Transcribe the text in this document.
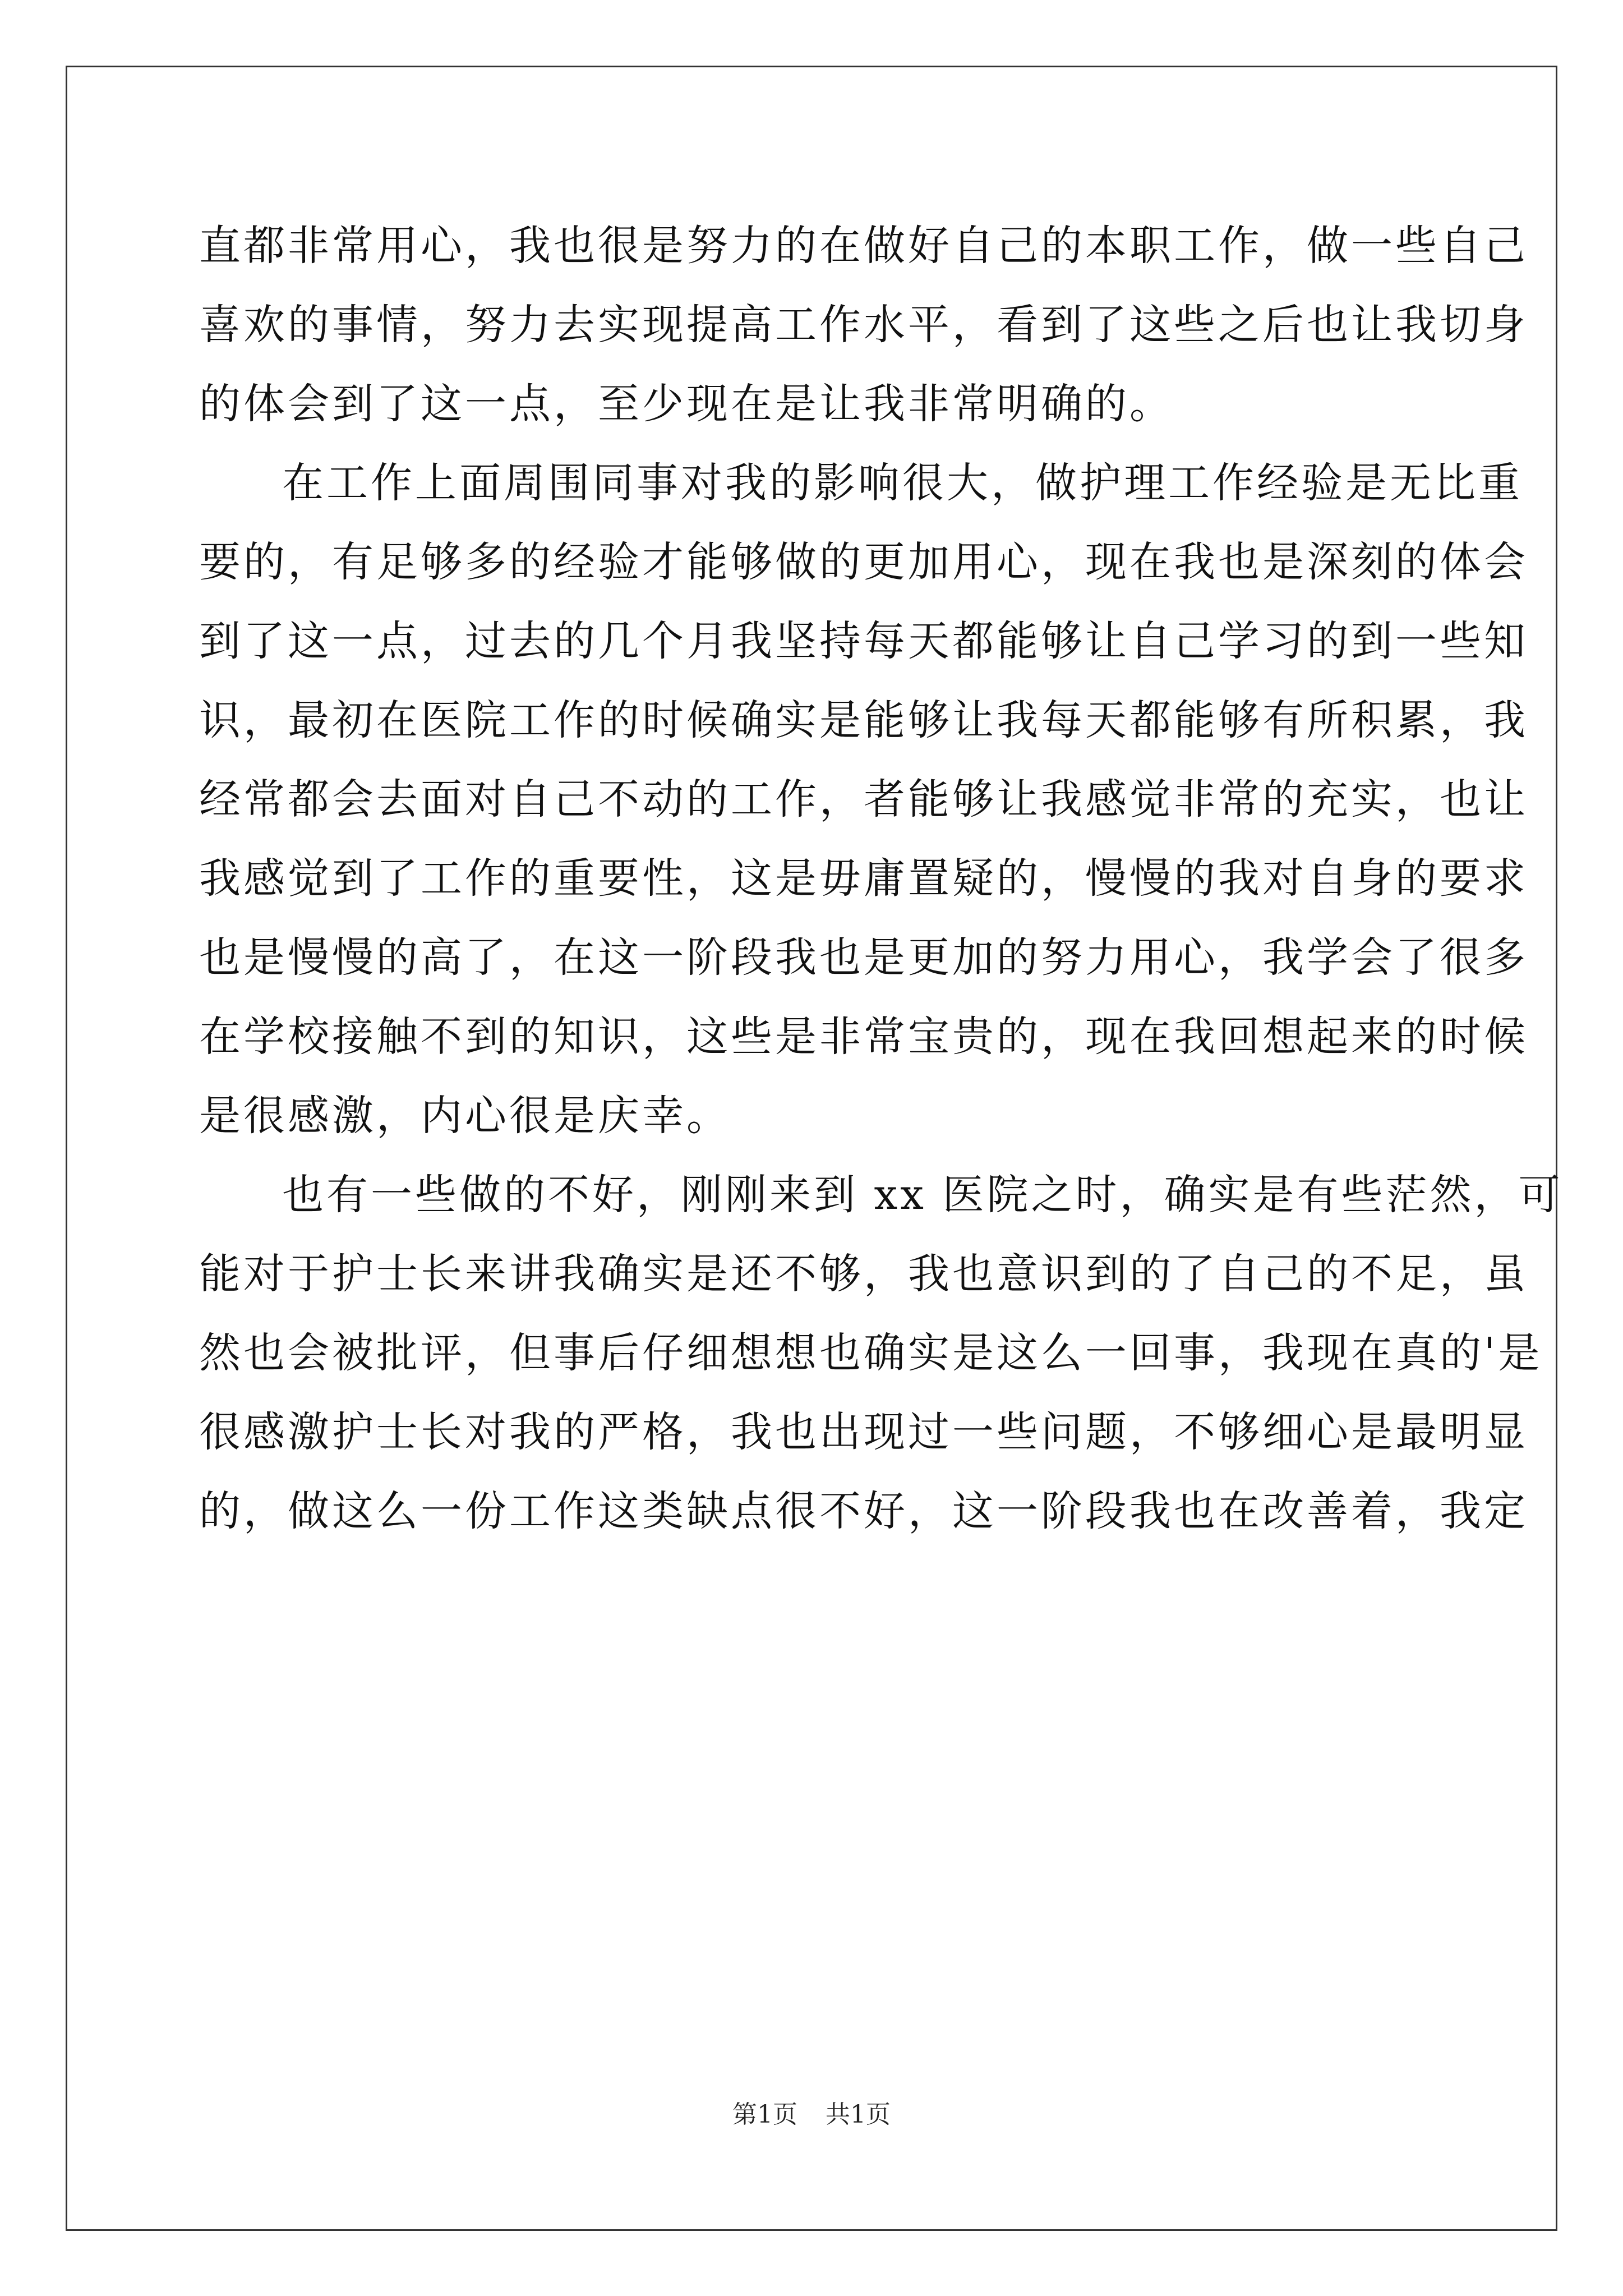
直都非常用心，我也很是努力的在做好自己的本职工作，做一些自己
喜欢的事情，努力去实现提高工作水平，看到了这些之后也让我切身
的体会到了这一点，至少现在是让我非常明确的。
在工作上面周围同事对我的影响很大，做护理工作经验是无比重
要的，有足够多的经验才能够做的更加用心，现在我也是深刻的体会
到了这一点，过去的几个月我坚持每天都能够让自己学习的到一些知
识，最初在医院工作的时候确实是能够让我每天都能够有所积累，我
经常都会去面对自己不动的工作，者能够让我感觉非常的充实，也让
我感觉到了工作的重要性，这是毋庸置疑的，慢慢的我对自身的要求
也是慢慢的高了，在这一阶段我也是更加的努力用心，我学会了很多
在学校接触不到的知识，这些是非常宝贵的，现在我回想起来的时候
是很感激，内心很是庆幸。
也有一些做的不好，刚刚来到 xx 医院之时，确实是有些茫然，可
能对于护士长来讲我确实是还不够，我也意识到的了自己的不足，虽
然也会被批评，但事后仔细想想也确实是这么一回事，我现在真的'是
很感激护士长对我的严格，我也出现过一些问题，不够细心是最明显
的，做这么一份工作这类缺点很不好，这一阶段我也在改善着，我定
第1页 共1页
